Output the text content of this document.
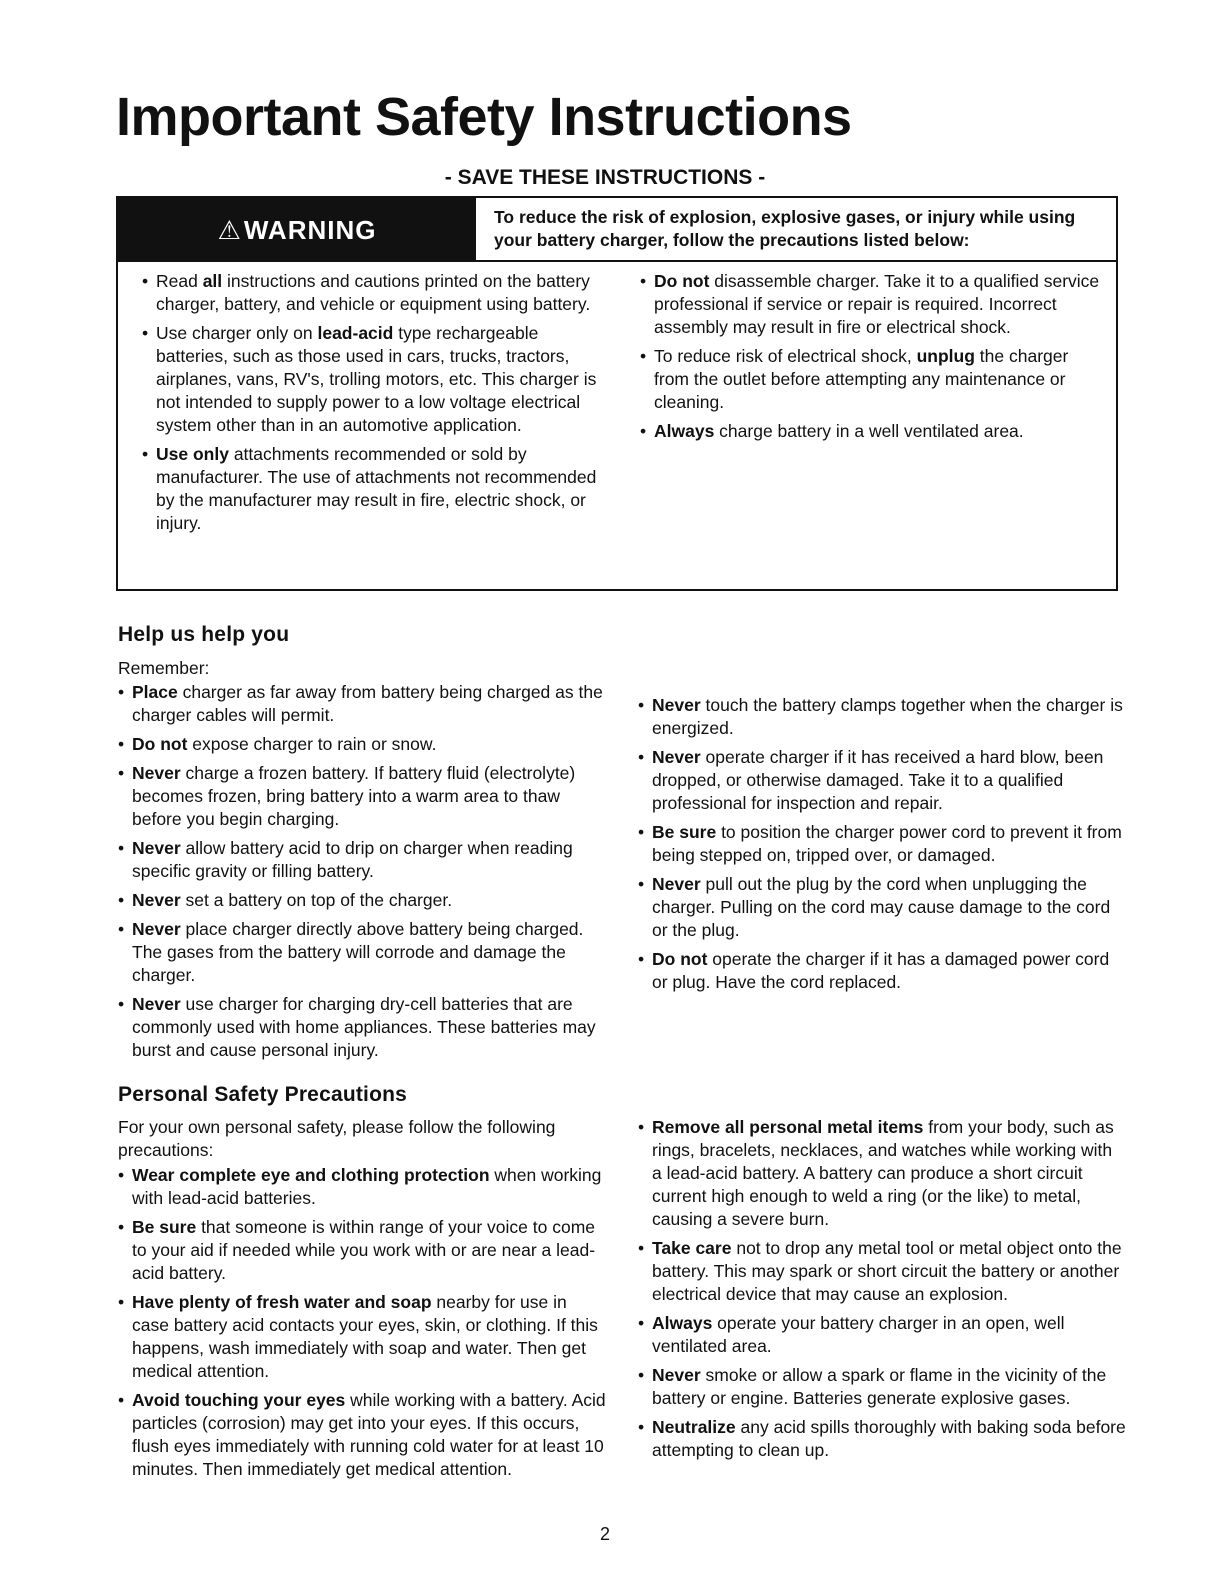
Important Safety Instructions

- SAVE THESE INSTRUCTIONS -

⚠ WARNING	To reduce the risk of explosion, explosive gases, or injury while using your battery charger, follow the precautions listed below:
• Read all instructions and cautions printed on the battery charger, battery, and vehicle or equipment using battery.
• Use charger only on lead-acid type rechargeable batteries, such as those used in cars, trucks, tractors, airplanes, vans, RV's, trolling motors, etc. This charger is not intended to supply power to a low voltage electrical system other than in an automotive application.
• Use only attachments recommended or sold by manufacturer. The use of attachments not recommended by the manufacturer may result in fire, electric shock, or injury.
• Do not disassemble charger. Take it to a qualified service professional if service or repair is required. Incorrect assembly may result in fire or electrical shock.
• To reduce risk of electrical shock, unplug the charger from the outlet before attempting any maintenance or cleaning.
• Always charge battery in a well ventilated area.
Help us help you

Remember:

• Place charger as far away from battery being charged as the charger cables will permit.
• Do not expose charger to rain or snow.
• Never charge a frozen battery. If battery fluid (electrolyte) becomes frozen, bring battery into a warm area to thaw before you begin charging.
• Never allow battery acid to drip on charger when reading specific gravity or filling battery.
• Never set a battery on top of the charger.
• Never place charger directly above battery being charged. The gases from the battery will corrode and damage the charger.
• Never use charger for charging dry-cell batteries that are commonly used with home appliances. These batteries may burst and cause personal injury.
• Never touch the battery clamps together when the charger is energized.
• Never operate charger if it has received a hard blow, been dropped, or otherwise damaged. Take it to a qualified professional for inspection and repair.
• Be sure to position the charger power cord to prevent it from being stepped on, tripped over, or damaged.
• Never pull out the plug by the cord when unplugging the charger. Pulling on the cord may cause damage to the cord or the plug.
• Do not operate the charger if it has a damaged power cord or plug. Have the cord replaced.
Personal Safety Precautions

For your own personal safety, please follow the following precautions:

• Wear complete eye and clothing protection when working with lead-acid batteries.
• Be sure that someone is within range of your voice to come to your aid if needed while you work with or are near a lead-acid battery.
• Have plenty of fresh water and soap nearby for use in case battery acid contacts your eyes, skin, or clothing. If this happens, wash immediately with soap and water. Then get medical attention.
• Avoid touching your eyes while working with a battery. Acid particles (corrosion) may get into your eyes. If this occurs, flush eyes immediately with running cold water for at least 10 minutes. Then immediately get medical attention.
• Remove all personal metal items from your body, such as rings, bracelets, necklaces, and watches while working with a lead-acid battery. A battery can produce a short circuit current high enough to weld a ring (or the like) to metal, causing a severe burn.
• Take care not to drop any metal tool or metal object onto the battery. This may spark or short circuit the battery or another electrical device that may cause an explosion.
• Always operate your battery charger in an open, well ventilated area.
• Never smoke or allow a spark or flame in the vicinity of the battery or engine. Batteries generate explosive gases.
• Neutralize any acid spills thoroughly with baking soda before attempting to clean up.
2
